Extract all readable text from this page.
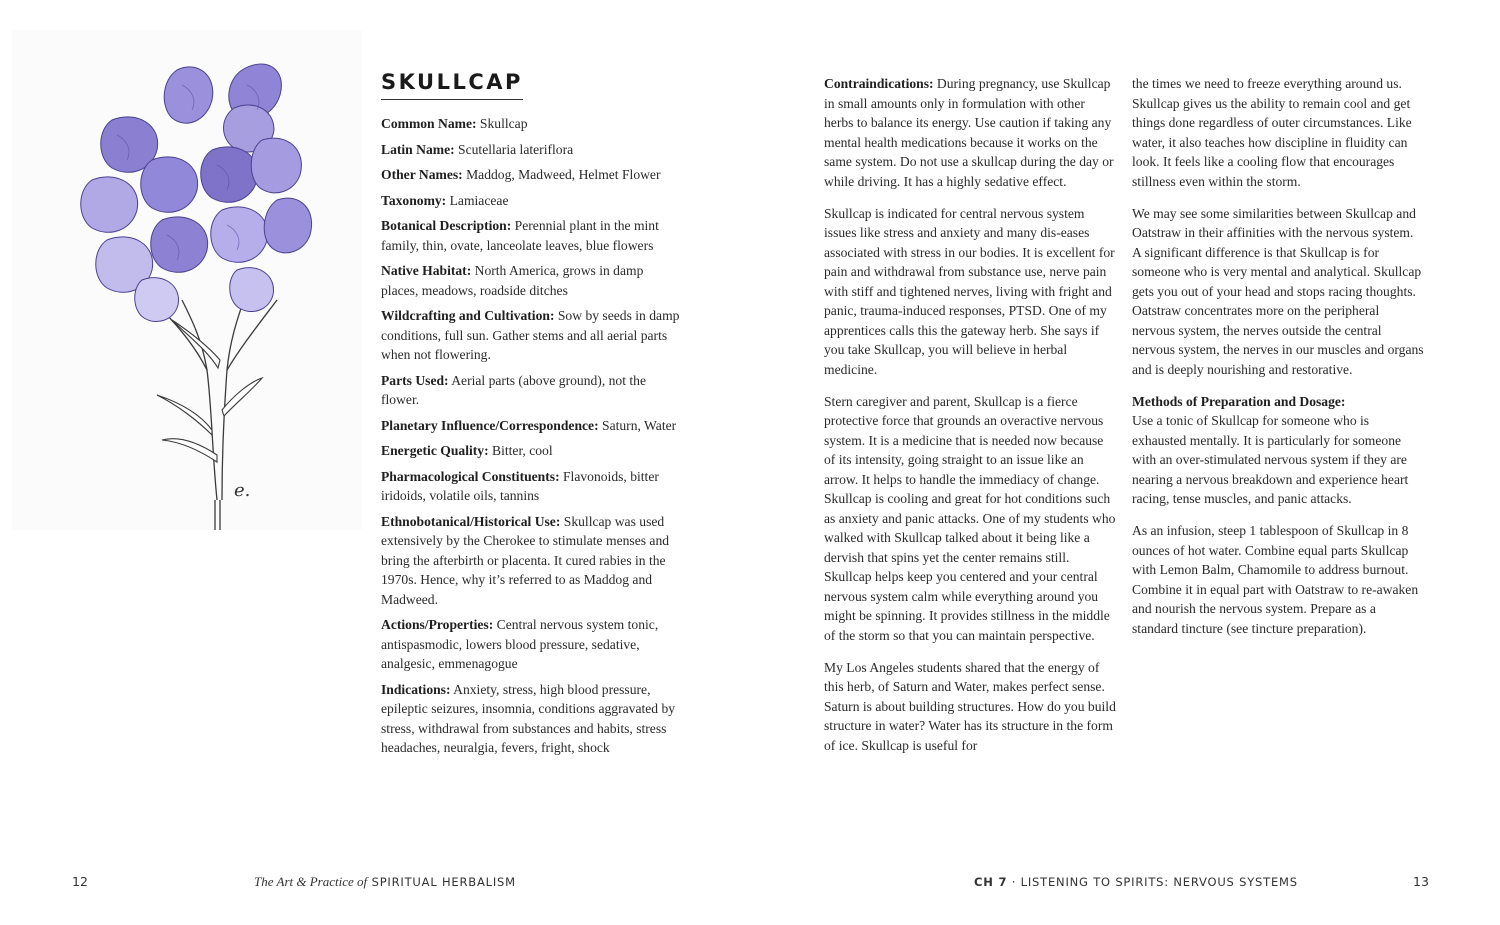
e.
SKULLCAP

Common Name: Skullcap

Latin Name: Scutellaria lateriflora

Other Names: Maddog, Madweed, Helmet Flower

Taxonomy: Lamiaceae

Botanical Description: Perennial plant in the mint family, thin, ovate, lanceolate leaves, blue flowers

Native Habitat: North America, grows in damp places, meadows, roadside ditches

Wildcrafting and Cultivation: Sow by seeds in damp conditions, full sun. Gather stems and all aerial parts when not flowering.

Parts Used: Aerial parts (above ground), not the flower.

Planetary Influence/Correspondence: Saturn, Water

Energetic Quality: Bitter, cool

Pharmacological Constituents: Flavonoids, bitter iridoids, volatile oils, tannins

Ethnobotanical/Historical Use: Skullcap was used extensively by the Cherokee to stimulate menses and bring the afterbirth or placenta. It cured rabies in the 1970s. Hence, why it’s referred to as Maddog and Madweed.

Actions/Properties: Central nervous system tonic, antispasmodic, lowers blood pressure, sedative, analgesic, emmenagogue

Indications: Anxiety, stress, high blood pressure, epileptic seizures, insomnia, conditions aggravated by stress, withdrawal from substances and habits, stress headaches, neuralgia, fevers, fright, shock

Contraindications: During pregnancy, use Skullcap in small amounts only in formulation with other herbs to balance its energy. Use caution if taking any mental health medications because it works on the same system. Do not use a skullcap during the day or while driving. It has a highly sedative effect.

Skullcap is indicated for central nervous system issues like stress and anxiety and many dis-eases associated with stress in our bodies. It is excellent for pain and withdrawal from substance use, nerve pain with stiff and tightened nerves, living with fright and panic, trauma-induced responses, PTSD. One of my apprentices calls this the gateway herb. She says if you take Skullcap, you will believe in herbal medicine.

Stern caregiver and parent, Skullcap is a fierce protective force that grounds an overactive nervous system. It is a medicine that is needed now because of its intensity, going straight to an issue like an arrow. It helps to handle the immediacy of change. Skullcap is cooling and great for hot conditions such as anxiety and panic attacks. One of my students who walked with Skullcap talked about it being like a dervish that spins yet the center remains still. Skullcap helps keep you centered and your central nervous system calm while everything around you might be spinning. It provides stillness in the middle of the storm so that you can maintain perspective.

My Los Angeles students shared that the energy of this herb, of Saturn and Water, makes perfect sense. Saturn is about building structures. How do you build structure in water? Water has its structure in the form of ice. Skullcap is useful for

the times we need to freeze everything around us. Skullcap gives us the ability to remain cool and get things done regardless of outer circumstances. Like water, it also teaches how discipline in fluidity can look. It feels like a cooling flow that encourages stillness even within the storm.

We may see some similarities between Skullcap and Oatstraw in their affinities with the nervous system. A significant difference is that Skullcap is for someone who is very mental and analytical. Skullcap gets you out of your head and stops racing thoughts. Oatstraw concentrates more on the peripheral nervous system, the nerves outside the central nervous system, the nerves in our muscles and organs and is deeply nourishing and restorative.

Methods of Preparation and Dosage:
Use a tonic of Skullcap for someone who is exhausted mentally. It is particularly for someone with an over-stimulated nervous system if they are nearing a nervous breakdown and experience heart racing, tense muscles, and panic attacks.

As an infusion, steep 1 tablespoon of Skullcap in 8 ounces of hot water. Combine equal parts Skullcap with Lemon Balm, Chamomile to address burnout. Combine it in equal part with Oatstraw to re-awaken and nourish the nervous system. Prepare as a standard tincture (see tincture preparation).

12	The Art & Practice of SPIRITUAL HERBALISM	CH 7 · LISTENING TO SPIRITS: NERVOUS SYSTEMS	13
